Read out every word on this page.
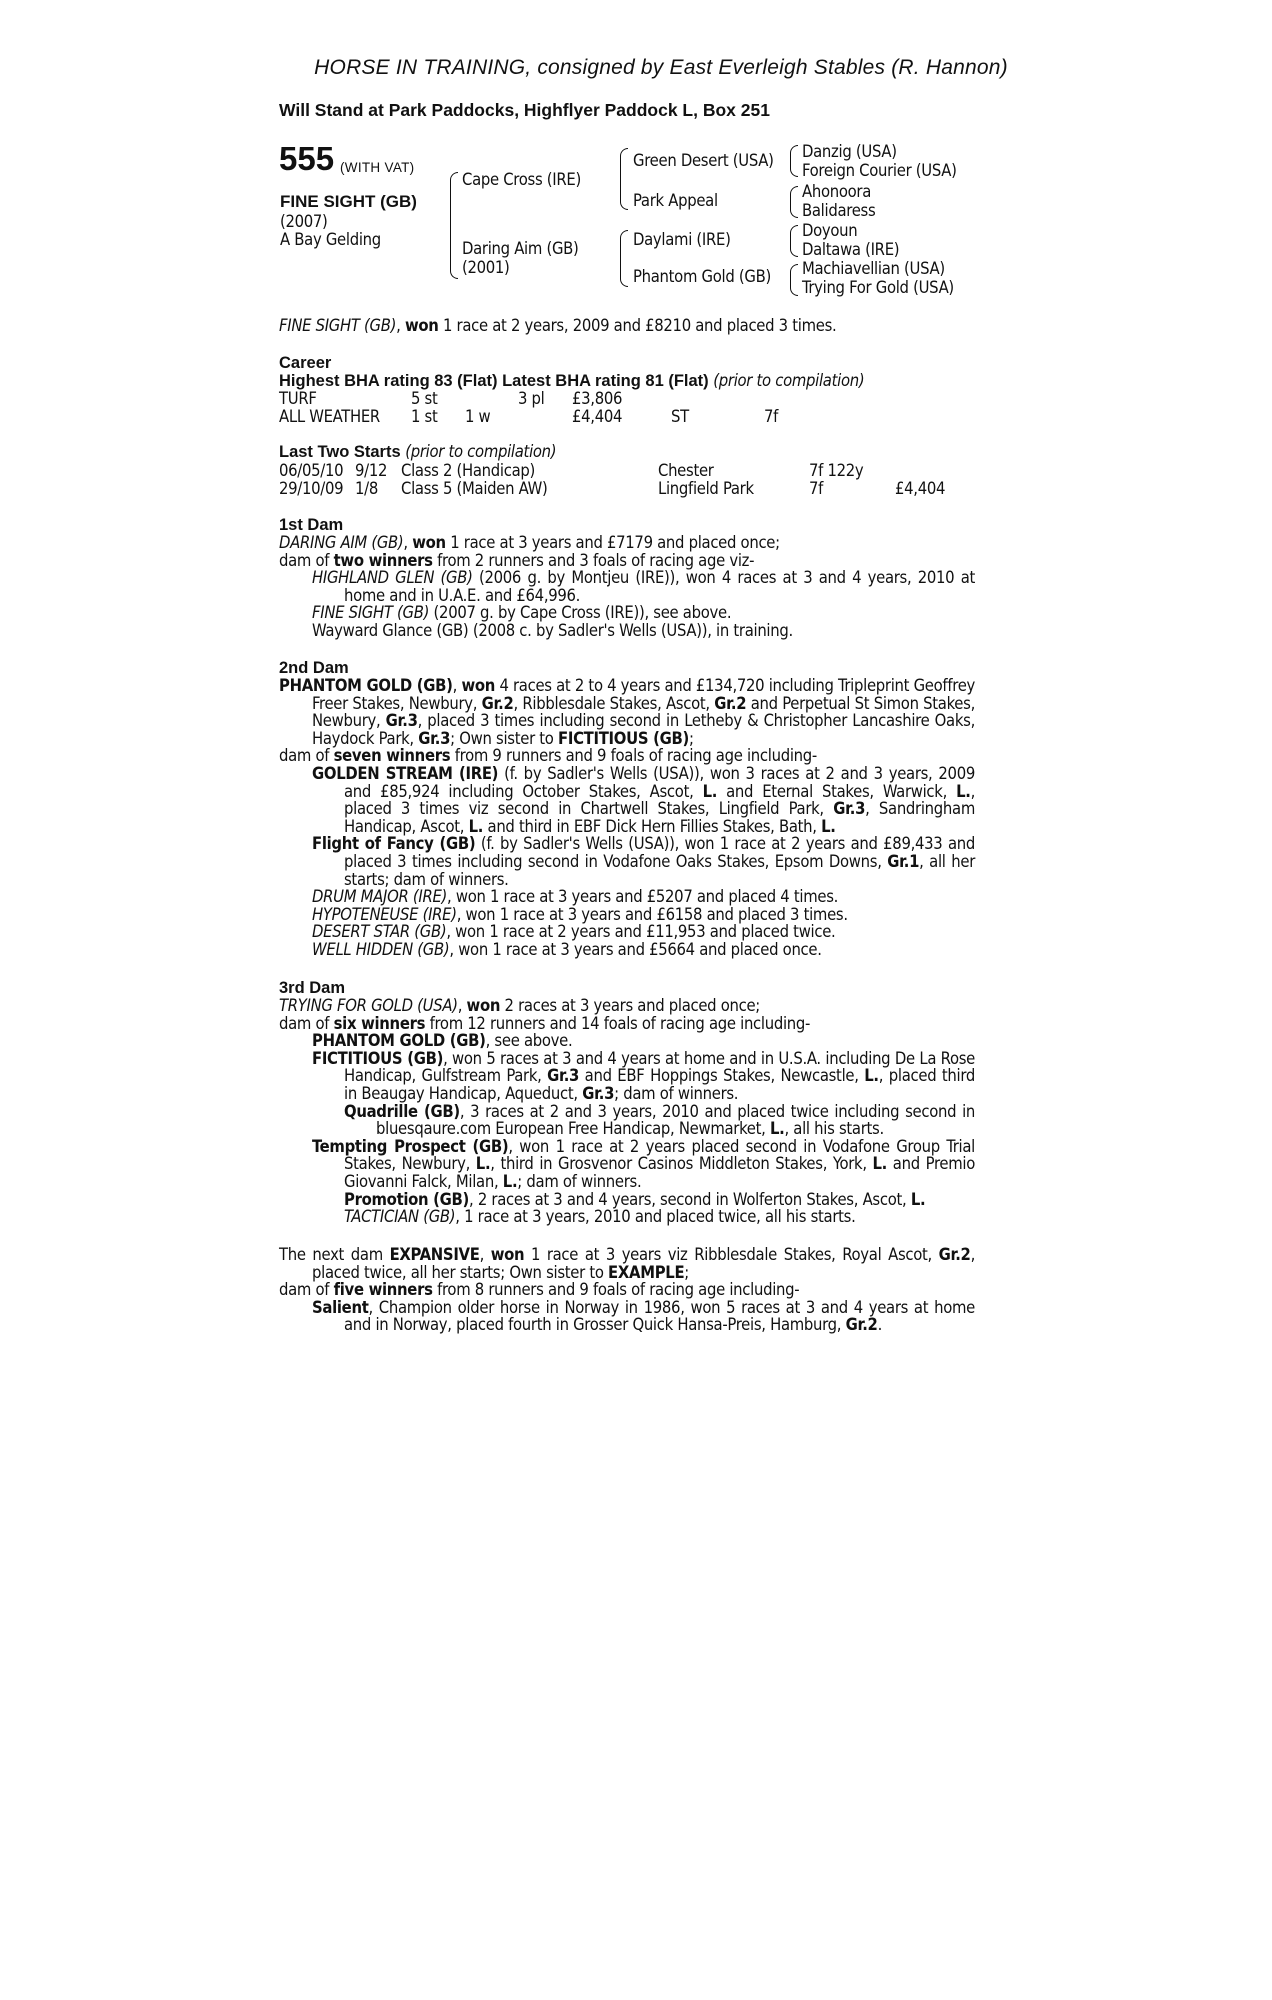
HORSE IN TRAINING, consigned by East Everleigh Stables (R. Hannon)
Will Stand at Park Paddocks, Highflyer Paddock L, Box 251
555 (WITH VAT)
FINE SIGHT (GB)
(2007)
A Bay Gelding
Cape Cross (IRE)
Daring Aim (GB)
(2001)
Green Desert (USA)
Park Appeal
Daylami (IRE)
Phantom Gold (GB)
Danzig (USA)
Foreign Courier (USA)
Ahonoora
Balidaress
Doyoun
Daltawa (IRE)
Machiavellian (USA)
Trying For Gold (USA)
FINE SIGHT (GB), won 1 race at 2 years, 2009 and £8210 and placed 3 times.
Career
Highest BHA rating 83 (Flat) Latest BHA rating 81 (Flat) (prior to compilation)
TURF	5 st	3 pl £3,806
ALL WEATHER 1 st 1 w	£4,404	ST	7f
Last Two Starts (prior to compilation)
06/05/10 9/12 Class 2 (Handicap)	Chester	7f 122y
29/10/09 1/8 Class 5 (Maiden AW)	Lingfield Park	7f	£4,404
1st Dam

DARING AIM (GB), won 1 race at 3 years and £7179 and placed once;

dam of two winners from 2 runners and 3 foals of racing age viz-

HIGHLAND GLEN (GB) (2006 g. by Montjeu (IRE)), won 4 races at 3 and 4 years, 2010 at home and in U.A.E. and £64,996.

FINE SIGHT (GB) (2007 g. by Cape Cross (IRE)), see above.

Wayward Glance (GB) (2008 c. by Sadler's Wells (USA)), in training.

2nd Dam

PHANTOM GOLD (GB), won 4 races at 2 to 4 years and £134,720 including Tripleprint Geoffrey Freer Stakes, Newbury, Gr.2, Ribblesdale Stakes, Ascot, Gr.2 and Perpetual St Simon Stakes, Newbury, Gr.3, placed 3 times including second in Letheby & Christopher Lancashire Oaks, Haydock Park, Gr.3; Own sister to FICTITIOUS (GB);

dam of seven winners from 9 runners and 9 foals of racing age including-

GOLDEN STREAM (IRE) (f. by Sadler's Wells (USA)), won 3 races at 2 and 3 years, 2009 and £85,924 including October Stakes, Ascot, L. and Eternal Stakes, Warwick, L., placed 3 times viz second in Chartwell Stakes, Lingfield Park, Gr.3, Sandringham Handicap, Ascot, L. and third in EBF Dick Hern Fillies Stakes, Bath, L.

Flight of Fancy (GB) (f. by Sadler's Wells (USA)), won 1 race at 2 years and £89,433 and placed 3 times including second in Vodafone Oaks Stakes, Epsom Downs, Gr.1, all her starts; dam of winners.

DRUM MAJOR (IRE), won 1 race at 3 years and £5207 and placed 4 times.

HYPOTENEUSE (IRE), won 1 race at 3 years and £6158 and placed 3 times.

DESERT STAR (GB), won 1 race at 2 years and £11,953 and placed twice.

WELL HIDDEN (GB), won 1 race at 3 years and £5664 and placed once.

3rd Dam

TRYING FOR GOLD (USA), won 2 races at 3 years and placed once;

dam of six winners from 12 runners and 14 foals of racing age including-

PHANTOM GOLD (GB), see above.

FICTITIOUS (GB), won 5 races at 3 and 4 years at home and in U.S.A. including De La Rose Handicap, Gulfstream Park, Gr.3 and EBF Hoppings Stakes, Newcastle, L., placed third in Beaugay Handicap, Aqueduct, Gr.3; dam of winners.

Quadrille (GB), 3 races at 2 and 3 years, 2010 and placed twice including second in bluesqaure.com European Free Handicap, Newmarket, L., all his starts.

Tempting Prospect (GB), won 1 race at 2 years placed second in Vodafone Group Trial Stakes, Newbury, L., third in Grosvenor Casinos Middleton Stakes, York, L. and Premio Giovanni Falck, Milan, L.; dam of winners.

Promotion (GB), 2 races at 3 and 4 years, second in Wolferton Stakes, Ascot, L.

TACTICIAN (GB), 1 race at 3 years, 2010 and placed twice, all his starts.

The next dam EXPANSIVE, won 1 race at 3 years viz Ribblesdale Stakes, Royal Ascot, Gr.2, placed twice, all her starts; Own sister to EXAMPLE;

dam of five winners from 8 runners and 9 foals of racing age including-

Salient, Champion older horse in Norway in 1986, won 5 races at 3 and 4 years at home and in Norway, placed fourth in Grosser Quick Hansa-Preis, Hamburg, Gr.2.
